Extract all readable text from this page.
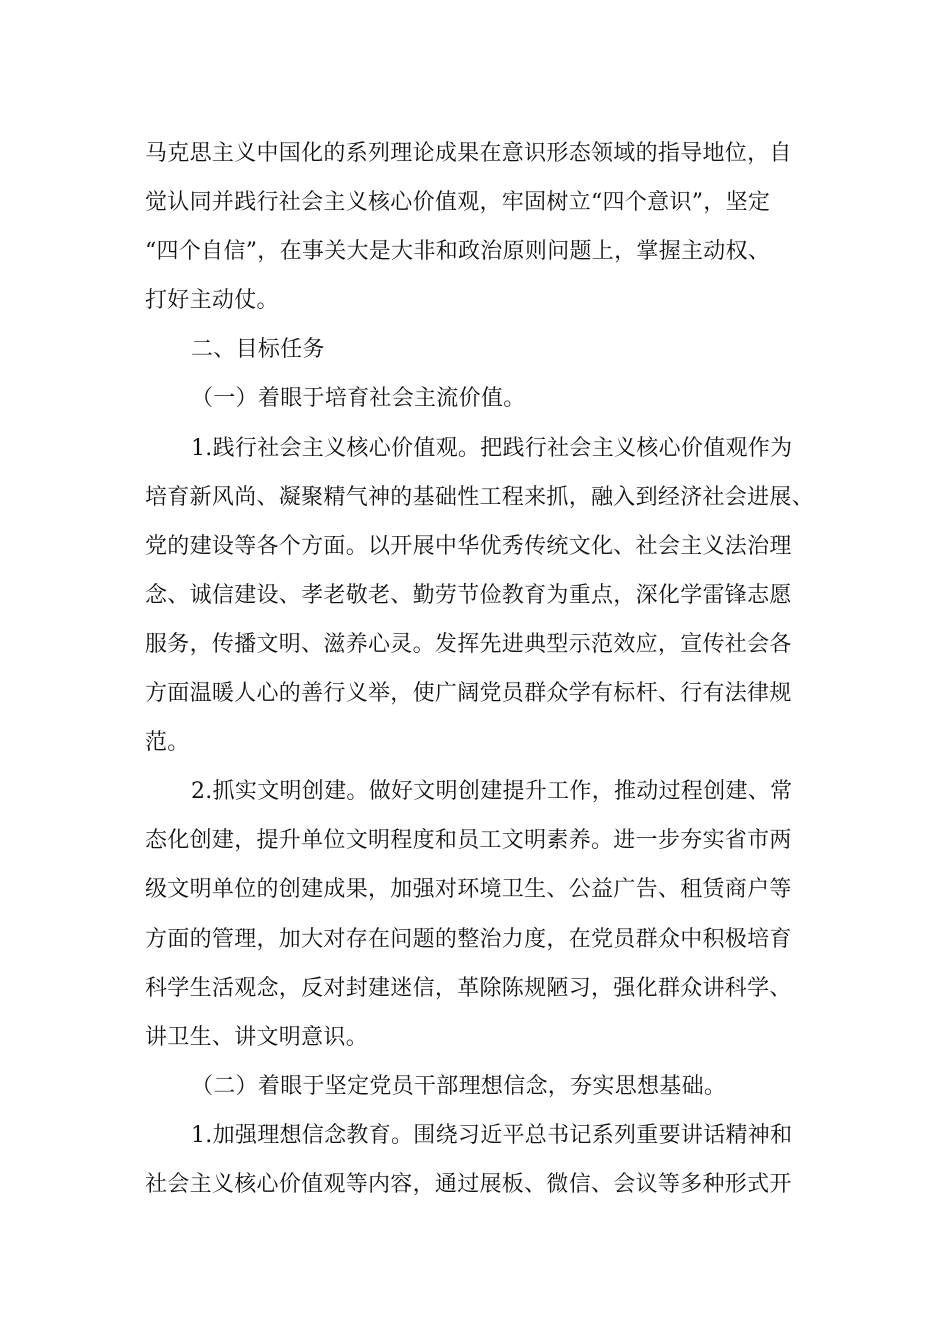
马克思主义中国化的系列理论成果在意识形态领域的指导地位，自
觉认同并践行社会主义核心价值观，牢固树立“四个意识”，坚定
“四个自信”，在事关大是大非和政治原则问题上，掌握主动权、
打好主动仗。
二、目标任务
（一）着眼于培育社会主流价值。
1.践行社会主义核心价值观。把践行社会主义核心价值观作为
培育新风尚、凝聚精气神的基础性工程来抓，融入到经济社会进展、
党的建设等各个方面。以开展中华优秀传统文化、社会主义法治理
念、诚信建设、孝老敬老、勤劳节俭教育为重点，深化学雷锋志愿
服务，传播文明、滋养心灵。发挥先进典型示范效应，宣传社会各
方面温暖人心的善行义举，使广阔党员群众学有标杆、行有法律规
范。
2.抓实文明创建。做好文明创建提升工作，推动过程创建、常
态化创建，提升单位文明程度和员工文明素养。进一步夯实省市两
级文明单位的创建成果，加强对环境卫生、公益广告、租赁商户等
方面的管理，加大对存在问题的整治力度，在党员群众中积极培育
科学生活观念，反对封建迷信，革除陈规陋习，强化群众讲科学、
讲卫生、讲文明意识。
（二）着眼于坚定党员干部理想信念，夯实思想基础。
1.加强理想信念教育。围绕习近平总书记系列重要讲话精神和
社会主义核心价值观等内容，通过展板、微信、会议等多种形式开
